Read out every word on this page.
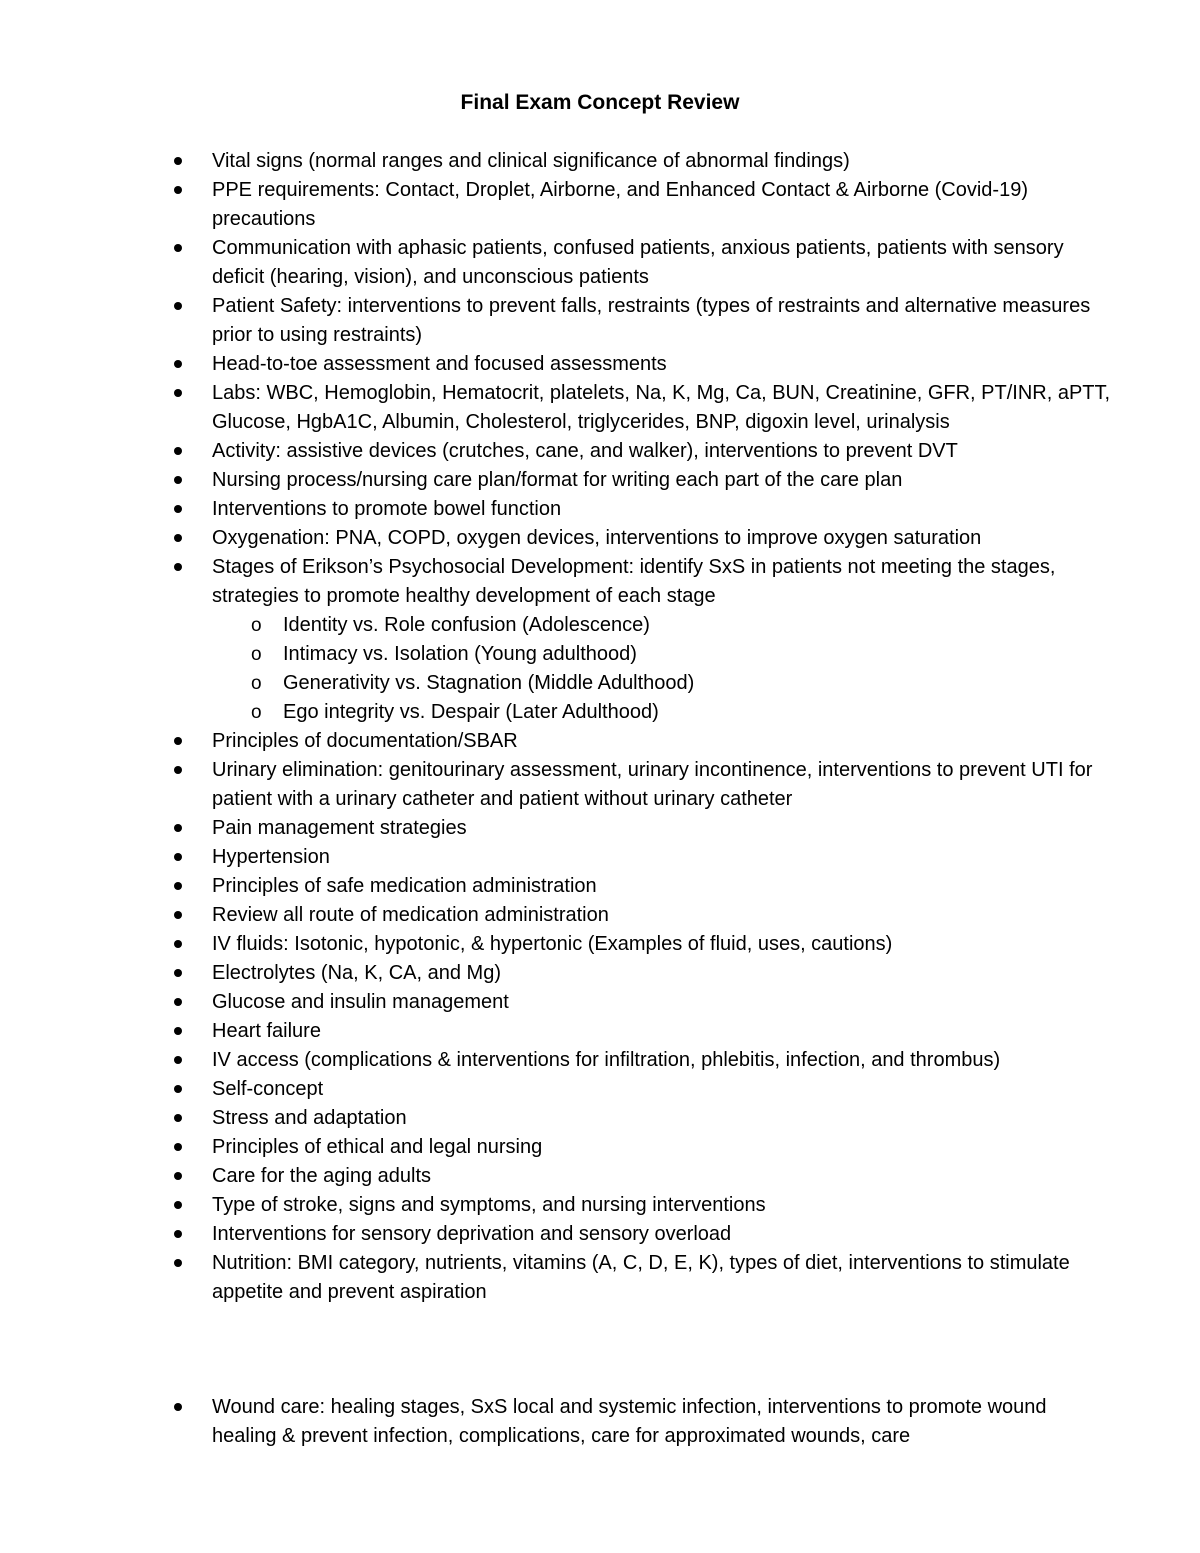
Final Exam Concept Review
Vital signs (normal ranges and clinical significance of abnormal findings)
PPE requirements: Contact, Droplet, Airborne, and Enhanced Contact & Airborne (Covid-19) precautions
Communication with aphasic patients, confused patients, anxious patients, patients with sensory deficit (hearing, vision), and unconscious patients
Patient Safety: interventions to prevent falls, restraints (types of restraints and alternative measures prior to using restraints)
Head-to-toe assessment and focused assessments
Labs: WBC, Hemoglobin, Hematocrit, platelets, Na, K, Mg, Ca, BUN, Creatinine, GFR, PT/INR, aPTT, Glucose, HgbA1C, Albumin, Cholesterol, triglycerides, BNP, digoxin level, urinalysis
Activity: assistive devices (crutches, cane, and walker), interventions to prevent DVT
Nursing process/nursing care plan/format for writing each part of the care plan
Interventions to promote bowel function
Oxygenation: PNA, COPD, oxygen devices, interventions to improve oxygen saturation
Stages of Erikson’s Psychosocial Development: identify SxS in patients not meeting the stages, strategies to promote healthy development of each stage
o Identity vs. Role confusion (Adolescence)
o Intimacy vs. Isolation (Young adulthood)
o Generativity vs. Stagnation (Middle Adulthood)
o Ego integrity vs. Despair (Later Adulthood)
Principles of documentation/SBAR
Urinary elimination: genitourinary assessment, urinary incontinence, interventions to prevent UTI for patient with a urinary catheter and patient without urinary catheter
Pain management strategies
Hypertension
Principles of safe medication administration
Review all route of medication administration
IV fluids: Isotonic, hypotonic, & hypertonic (Examples of fluid, uses, cautions)
Electrolytes (Na, K, CA, and Mg)
Glucose and insulin management
Heart failure
IV access (complications & interventions for infiltration, phlebitis, infection, and thrombus)
Self-concept
Stress and adaptation
Principles of ethical and legal nursing
Care for the aging adults
Type of stroke, signs and symptoms, and nursing interventions
Interventions for sensory deprivation and sensory overload
Nutrition: BMI category, nutrients, vitamins (A, C, D, E, K), types of diet, interventions to stimulate appetite and prevent aspiration
Wound care: healing stages, SxS local and systemic infection, interventions to promote wound healing & prevent infection, complications, care for approximated wounds, care
